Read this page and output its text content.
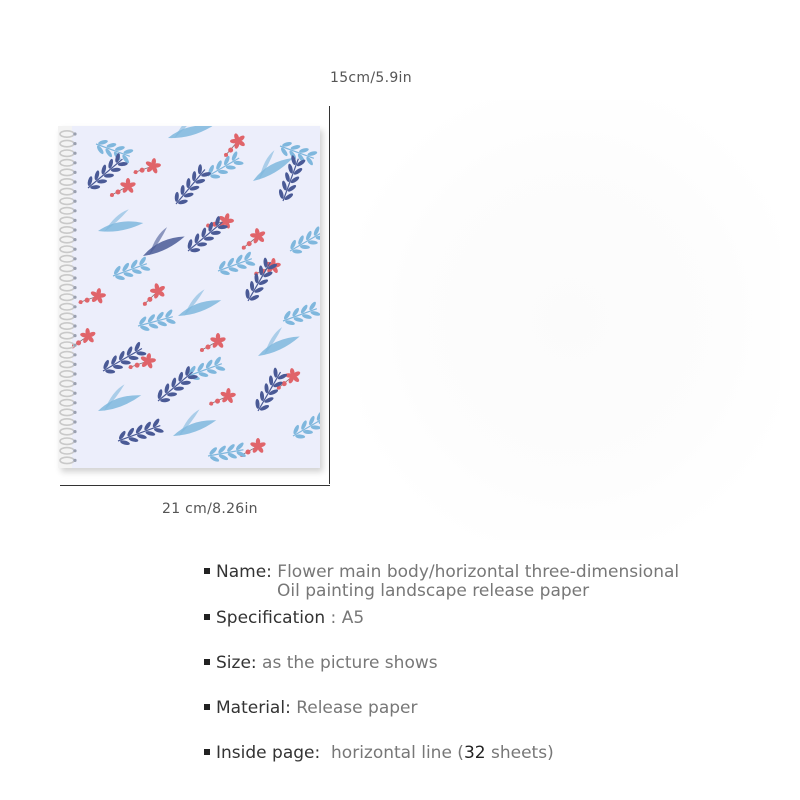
15cm/5.9in
21 cm/8.26in
Name: Flower main body/horizontal three-dimensional
Oil painting landscape release paper
Specification : A5
Size: as the picture shows
Material: Release paper
Inside page: horizontal line (32 sheets)
